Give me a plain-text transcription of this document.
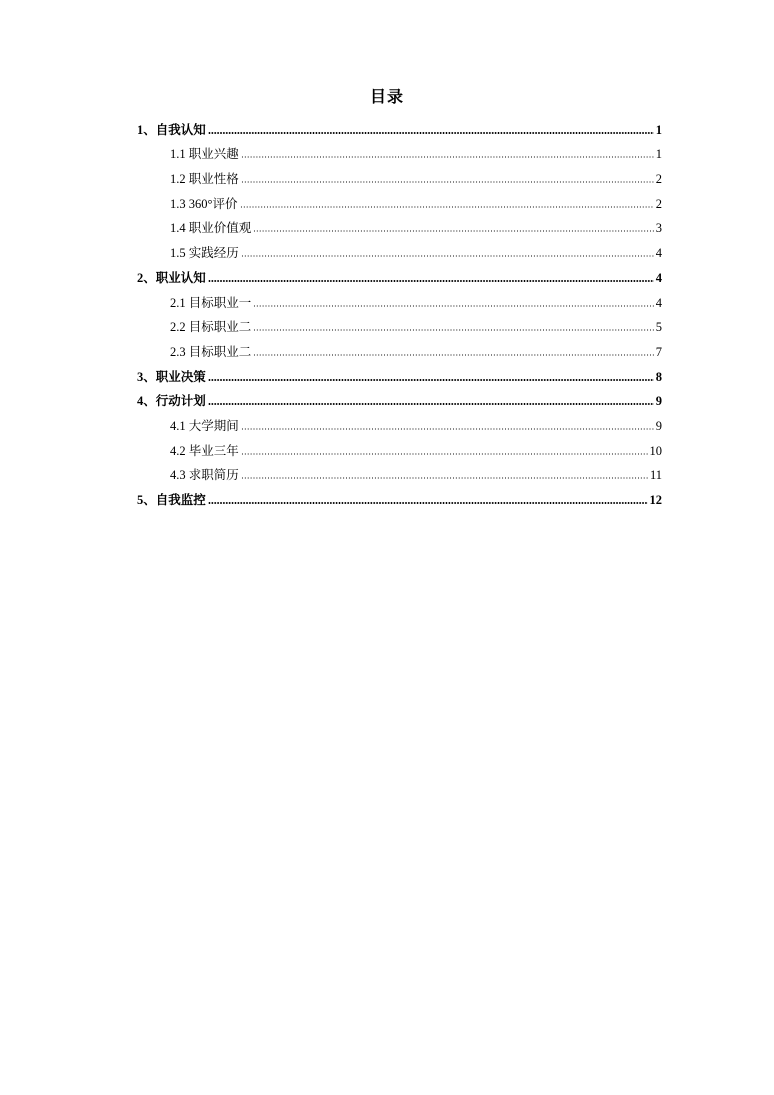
目录
1、自我认知	1
1.1 职业兴趣	1
1.2 职业性格	2
1.3 360°评价	2
1.4 职业价值观	3
1.5 实践经历	4
2、职业认知	4
2.1 目标职业一	4
2.2 目标职业二	5
2.3 目标职业二	7
3、职业决策	8
4、行动计划	9
4.1 大学期间	9
4.2 毕业三年	10
4.3 求职简历	11
5、自我监控	12
